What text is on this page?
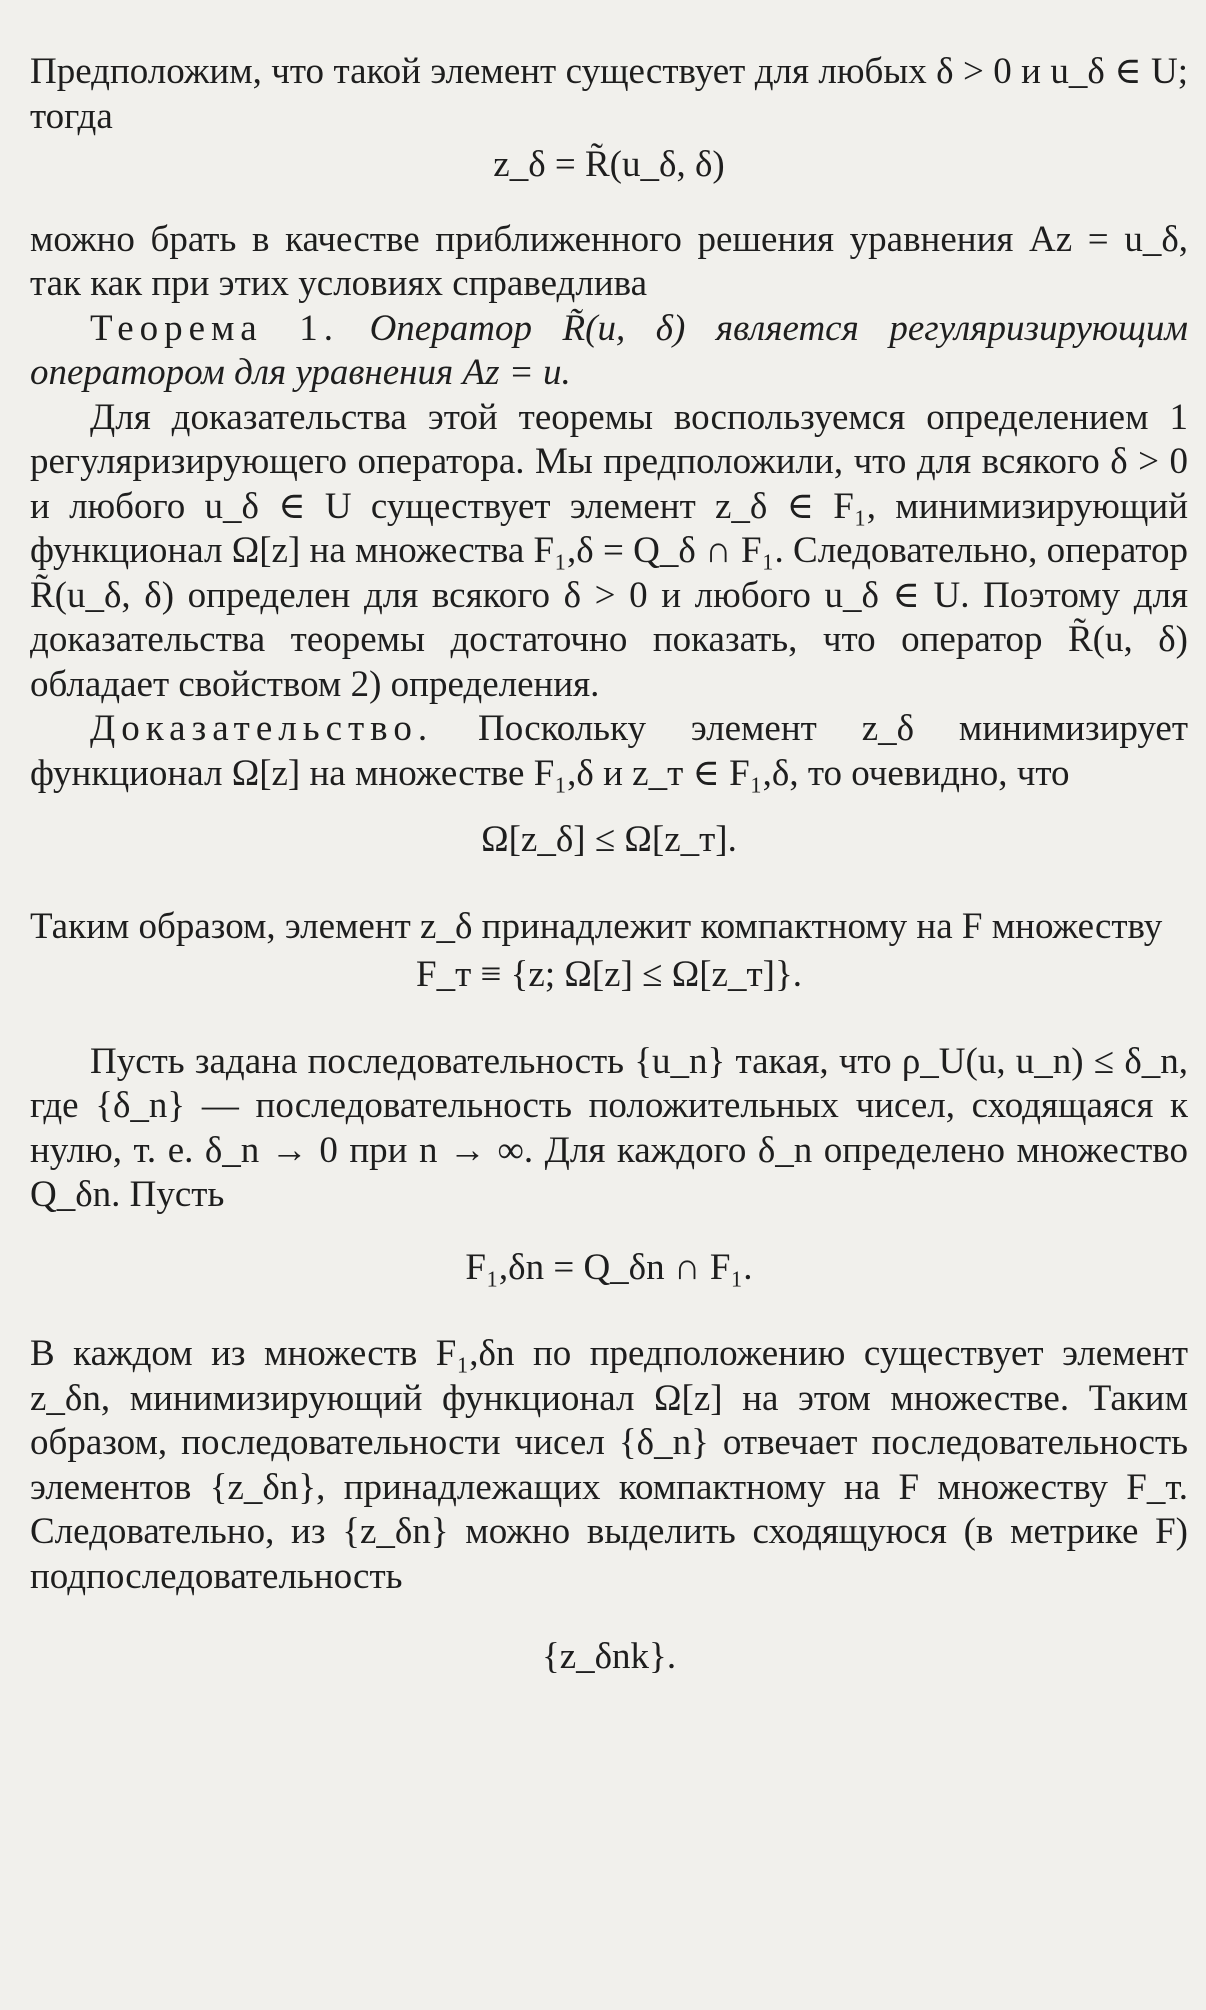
Предположим, что такой элемент существует для любых δ > 0 и u_δ ∈ U; тогда

z_δ = R̃(u_δ, δ)

можно брать в качестве приближенного решения уравнения Az = u_δ, так как при этих условиях справедлива

Теорема 1. Оператор R̃(u, δ) является регуляризирующим оператором для уравнения Az = u.

Для доказательства этой теоремы воспользуемся определением 1 регуляризирующего оператора. Мы предположили, что для всякого δ > 0 и любого u_δ ∈ U существует элемент z_δ ∈ F₁, минимизирующий функционал Ω[z] на множества F₁,δ = Q_δ ∩ F₁. Следовательно, оператор R̃(u_δ, δ) определен для всякого δ > 0 и любого u_δ ∈ U. Поэтому для доказательства теоремы достаточно показать, что оператор R̃(u, δ) обладает свойством 2) определения.

Доказательство. Поскольку элемент z_δ минимизирует функционал Ω[z] на множестве F₁,δ и z_т ∈ F₁,δ, то очевидно, что

Ω[z_δ] ≤ Ω[z_т].

Таким образом, элемент z_δ принадлежит компактному на F множеству

F_т ≡ {z; Ω[z] ≤ Ω[z_т]}.

Пусть задана последовательность {u_n} такая, что ρ_U(u, u_n) ≤ δ_n, где {δ_n} — последовательность положительных чисел, сходящаяся к нулю, т. е. δ_n → 0 при n → ∞. Для каждого δ_n определено множество Q_δn. Пусть

F₁,δn = Q_δn ∩ F₁.

В каждом из множеств F₁,δn по предположению существует элемент z_δn, минимизирующий функционал Ω[z] на этом множестве. Таким образом, последовательности чисел {δ_n} отвечает последовательность элементов {z_δn}, принадлежащих компактному на F множеству F_т. Следовательно, из {z_δn} можно выделить сходящуюся (в метрике F) подпоследовательность

{z_δnk}.
